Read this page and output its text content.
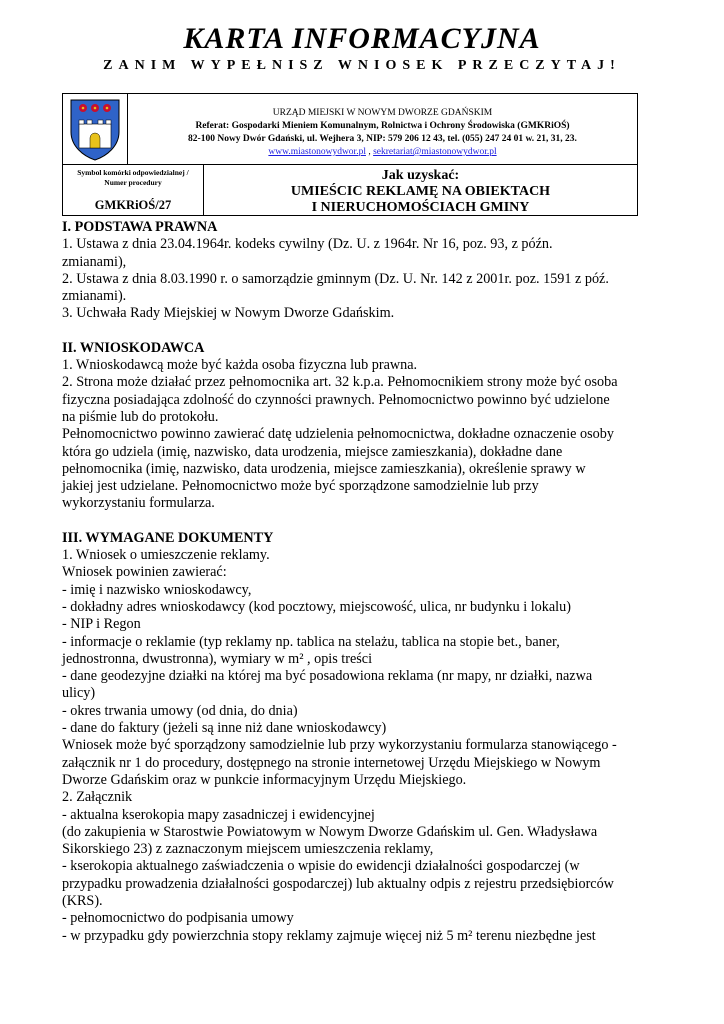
KARTA INFORMACYJNA
ZANIM WYPEŁNISZ WNIOSEK PRZECZYTAJ!
URZĄD MIEJSKI W NOWYM DWORZE GDAŃSKIM
Referat: Gospodarki Mieniem Komunalnym, Rolnictwa i Ochrony Środowiska (GMKRiOŚ)
82-100 Nowy Dwór Gdański, ul. Wejhera 3, NIP: 579 206 12 43, tel. (055) 247 24 01 w. 21, 31, 23.
www.miastonowydwor.pl , sekretariat@miastonowydwor.pl
Symbol komórki odpowiedzialnej /
Numer procedury
GMKRiOŚ/27
Jak uzyskać:
UMIEŚCIC REKLAMĘ NA OBIEKTACH
I NIERUCHOMOŚCIACH GMINY

I. PODSTAWA PRAWNA

1. Ustawa z dnia 23.04.1964r. kodeks cywilny (Dz. U. z 1964r. Nr 16, poz. 93, z późn.

zmianami),

2. Ustawa z dnia 8.03.1990 r. o samorządzie gminnym (Dz. U. Nr. 142 z 2001r. poz. 1591 z póź.

zmianami).

3. Uchwała Rady Miejskiej w Nowym Dworze Gdańskim.

II. WNIOSKODAWCA

1. Wnioskodawcą może być każda osoba fizyczna lub prawna.

2. Strona może działać przez pełnomocnika art. 32 k.p.a. Pełnomocnikiem strony może być osoba

fizyczna posiadająca zdolność do czynności prawnych. Pełnomocnictwo powinno być udzielone

na piśmie lub do protokołu.

Pełnomocnictwo powinno zawierać datę udzielenia pełnomocnictwa, dokładne oznaczenie osoby

która go udziela (imię, nazwisko, data urodzenia, miejsce zamieszkania), dokładne dane

pełnomocnika (imię, nazwisko, data urodzenia, miejsce zamieszkania), określenie sprawy w

jakiej jest udzielane. Pełnomocnictwo może być sporządzone samodzielnie lub przy

wykorzystaniu formularza.

III. WYMAGANE DOKUMENTY

1. Wniosek o umieszczenie reklamy.

Wniosek powinien zawierać:

- imię i nazwisko wnioskodawcy,

- dokładny adres wnioskodawcy (kod pocztowy, miejscowość, ulica, nr budynku i lokalu)

- NIP i Regon

- informacje o reklamie (typ reklamy np. tablica na stelażu, tablica na stopie bet., baner,

jednostronna, dwustronna), wymiary w m² , opis treści

- dane geodezyjne działki na której ma być posadowiona reklama (nr mapy, nr działki, nazwa

ulicy)

- okres trwania umowy (od dnia, do dnia)

- dane do faktury (jeżeli są inne niż dane wnioskodawcy)

Wniosek może być sporządzony samodzielnie lub przy wykorzystaniu formularza stanowiącego -

załącznik nr 1 do procedury, dostępnego na stronie internetowej Urzędu Miejskiego w Nowym

Dworze Gdańskim oraz w punkcie informacyjnym Urzędu Miejskiego.

2. Załącznik

- aktualna kserokopia mapy zasadniczej i ewidencyjnej

(do zakupienia w Starostwie Powiatowym w Nowym Dworze Gdańskim ul. Gen. Władysława

Sikorskiego 23) z zaznaczonym miejscem umieszczenia reklamy,

- kserokopia aktualnego zaświadczenia o wpisie do ewidencji działalności gospodarczej (w

przypadku prowadzenia działalności gospodarczej) lub aktualny odpis z rejestru przedsiębiorców

(KRS).

- pełnomocnictwo do podpisania umowy

- w przypadku gdy powierzchnia stopy reklamy zajmuje więcej niż 5 m² terenu niezbędne jest
